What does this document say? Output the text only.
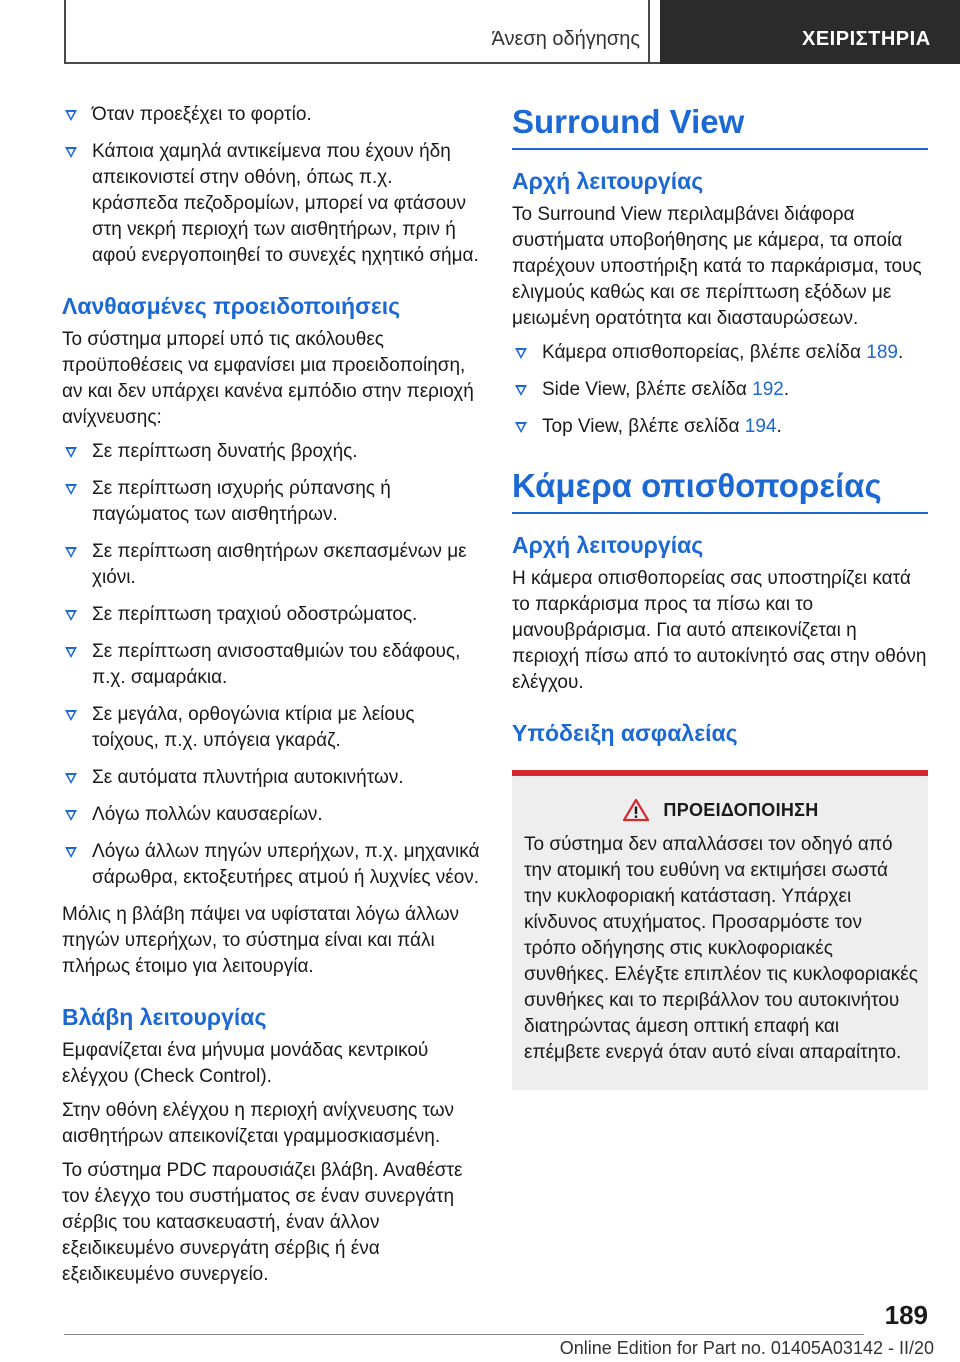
Άνεση οδήγησης	ΧΕΙΡΙΣΤΗΡΙΑ
Όταν προεξέχει το φορτίο.
Κάποια χαμηλά αντικείμενα που έχουν ήδη απεικονιστεί στην οθόνη, όπως π.χ. κράσπεδα πεζοδρομίων, μπορεί να φτάσουν στη νεκρή περιοχή των αισθητήρων, πριν ή αφού ενεργοποιηθεί το συνεχές ηχητικό σήμα.
Λανθασμένες προειδοποιήσεις

Το σύστημα μπορεί υπό τις ακόλουθες προϋποθέσεις να εμφανίσει μια προειδοποίηση, αν και δεν υπάρχει κανένα εμπόδιο στην περιοχή ανίχνευσης:

Σε περίπτωση δυνατής βροχής.
Σε περίπτωση ισχυρής ρύπανσης ή παγώματος των αισθητήρων.
Σε περίπτωση αισθητήρων σκεπασμένων με χιόνι.
Σε περίπτωση τραχιού οδοστρώματος.
Σε περίπτωση ανισοσταθμιών του εδάφους, π.χ. σαμαράκια.
Σε μεγάλα, ορθογώνια κτίρια με λείους τοίχους, π.χ. υπόγεια γκαράζ.
Σε αυτόματα πλυντήρια αυτοκινήτων.
Λόγω πολλών καυσαερίων.
Λόγω άλλων πηγών υπερήχων, π.χ. μηχανικά σάρωθρα, εκτοξευτήρες ατμού ή λυχνίες νέον.

Μόλις η βλάβη πάψει να υφίσταται λόγω άλλων πηγών υπερήχων, το σύστημα είναι και πάλι πλήρως έτοιμο για λειτουργία.

Βλάβη λειτουργίας

Εμφανίζεται ένα μήνυμα μονάδας κεντρικού ελέγχου (Check Control).

Στην οθόνη ελέγχου η περιοχή ανίχνευσης των αισθητήρων απεικονίζεται γραμμοσκιασμένη.

Το σύστημα PDC παρουσιάζει βλάβη. Αναθέστε τον έλεγχο του συστήματος σε έναν συνεργάτη σέρβις του κατασκευαστή, έναν άλλον εξειδικευμένο συνεργάτη σέρβις ή ένα εξειδικευμένο συνεργείο.

Surround View
Αρχή λειτουργίας

Το Surround View περιλαμβάνει διάφορα συστήματα υποβοήθησης με κάμερα, τα οποία παρέχουν υποστήριξη κατά το παρκάρισμα, τους ελιγμούς καθώς και σε περίπτωση εξόδων με μειωμένη ορατότητα και διασταυρώσεων.

Κάμερα οπισθοπορείας, βλέπε σελίδα 189.
Side View, βλέπε σελίδα 192.
Top View, βλέπε σελίδα 194.
Κάμερα οπισθοπορείας
Αρχή λειτουργίας

Η κάμερα οπισθοπορείας σας υποστηρίζει κατά το παρκάρισμα προς τα πίσω και το μανουβράρισμα. Για αυτό απεικονίζεται η περιοχή πίσω από το αυτοκίνητό σας στην οθόνη ελέγχου.

Υπόδειξη ασφαλείας
ΠΡΟΕΙΔΟΠΟΙΗΣΗ

Το σύστημα δεν απαλλάσσει τον οδηγό από την ατομική του ευθύνη να εκτιμήσει σωστά την κυκλοφοριακή κατάσταση. Υπάρχει κίνδυνος ατυχήματος. Προσαρμόστε τον τρόπο οδήγησης στις κυκλοφοριακές συνθήκες. Ελέγξτε επιπλέον τις κυκλοφοριακές συνθήκες και το περιβάλλον του αυτοκινήτου διατηρώντας άμεση οπτική επαφή και επέμβετε ενεργά όταν αυτό είναι απαραίτητο.

189
Online Edition for Part no. 01405A03142 - II/20
